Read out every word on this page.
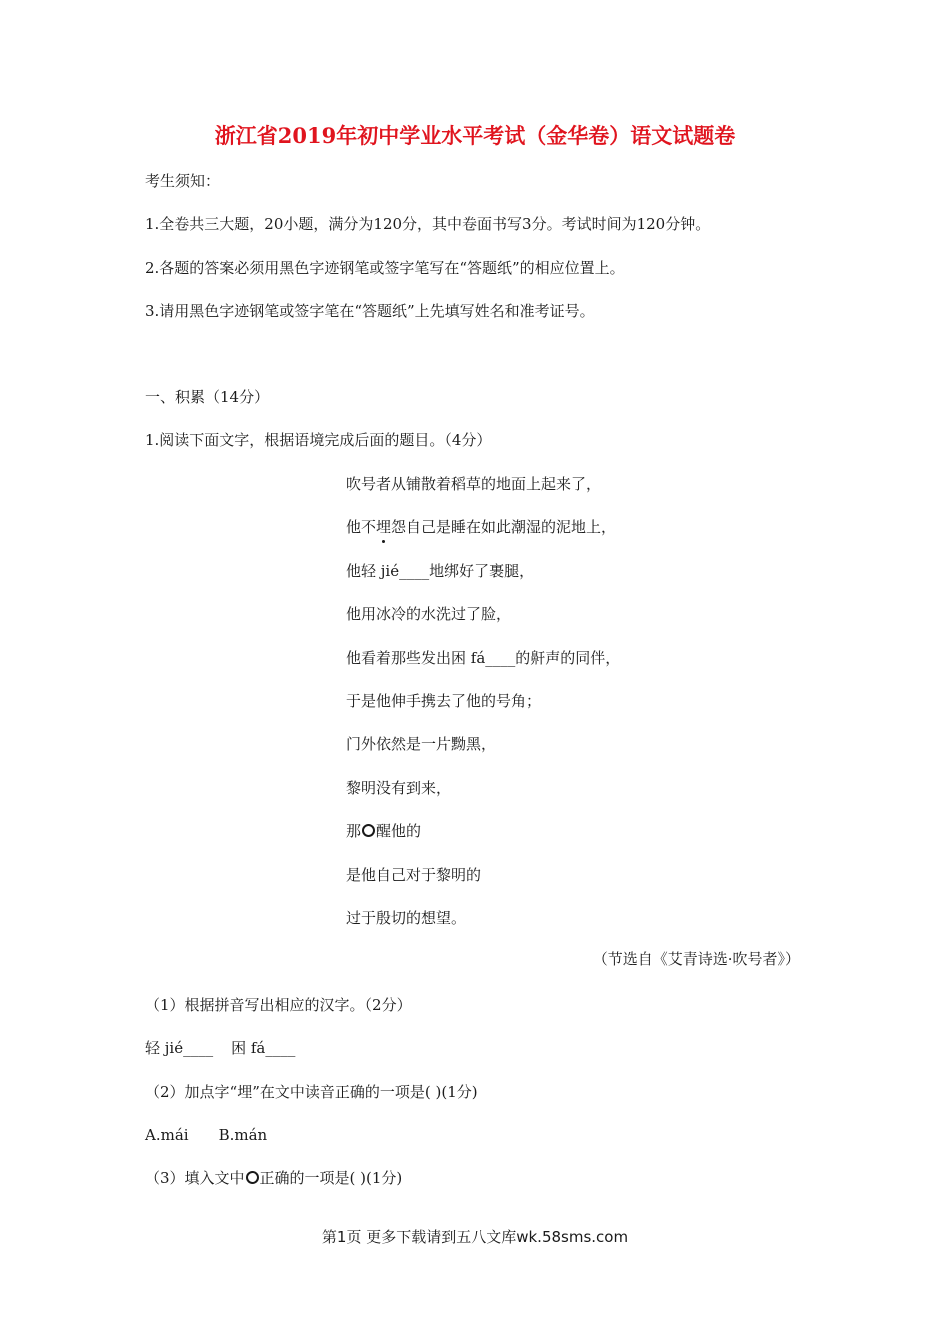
浙江省2019年初中学业水平考试（金华卷）语文试题卷
考生须知：
1.全卷共三大题，20小题，满分为120分，其中卷面书写3分。考试时间为120分钟。
2.各题的答案必须用黑色字迹钢笔或签字笔写在“答题纸”的相应位置上。
3.请用黑色字迹钢笔或签字笔在“答题纸”上先填写姓名和准考证号。
一、积累（14分）
1.阅读下面文字，根据语境完成后面的题目。（4分）
吹号者从铺散着稻草的地面上起来了，
他不埋怨自己是睡在如此潮湿的泥地上，
他轻 jié____地绑好了裹腿，
他用冰冷的水洗过了脸，
他看着那些发出困 fá____的鼾声的同伴，
于是他伸手携去了他的号角；
门外依然是一片黝黑，
黎明没有到来，
那 醒他的
是他自己对于黎明的
过于殷切的想望。
（节选自《艾青诗选·吹号者》）
（1）根据拼音写出相应的汉字。（2分）
轻 jié____ 困 fá____
（2）加点字“埋”在文中读音正确的一项是( )(1分)
A.mái B.mán
（3）填入文中 正确的一项是( )(1分)
第1页 更多下载请到五八文库wk.58sms.com
